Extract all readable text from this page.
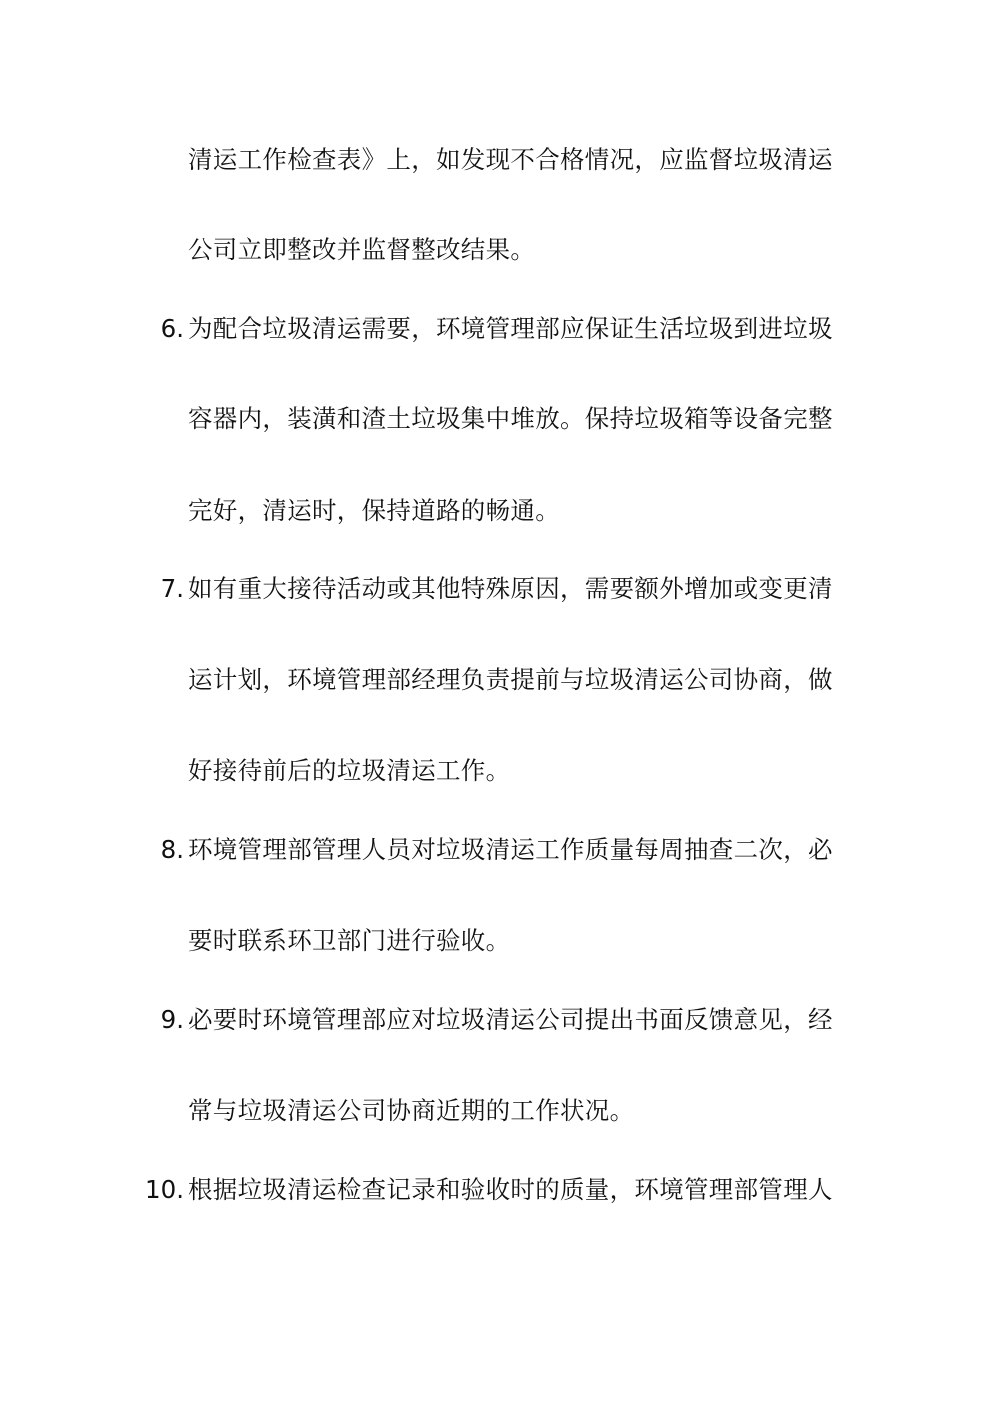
清运工作检查表》上，如发现不合格情况，应监督垃圾清运
公司立即整改并监督整改结果。
6. 为配合垃圾清运需要，环境管理部应保证生活垃圾到进垃圾
容器内，装潢和渣土垃圾集中堆放。保持垃圾箱等设备完整
完好，清运时，保持道路的畅通。
7. 如有重大接待活动或其他特殊原因，需要额外增加或变更清
运计划，环境管理部经理负责提前与垃圾清运公司协商，做
好接待前后的垃圾清运工作。
8. 环境管理部管理人员对垃圾清运工作质量每周抽查二次，必
要时联系环卫部门进行验收。
9. 必要时环境管理部应对垃圾清运公司提出书面反馈意见，经
常与垃圾清运公司协商近期的工作状况。
10. 根据垃圾清运检查记录和验收时的质量，环境管理部管理人
